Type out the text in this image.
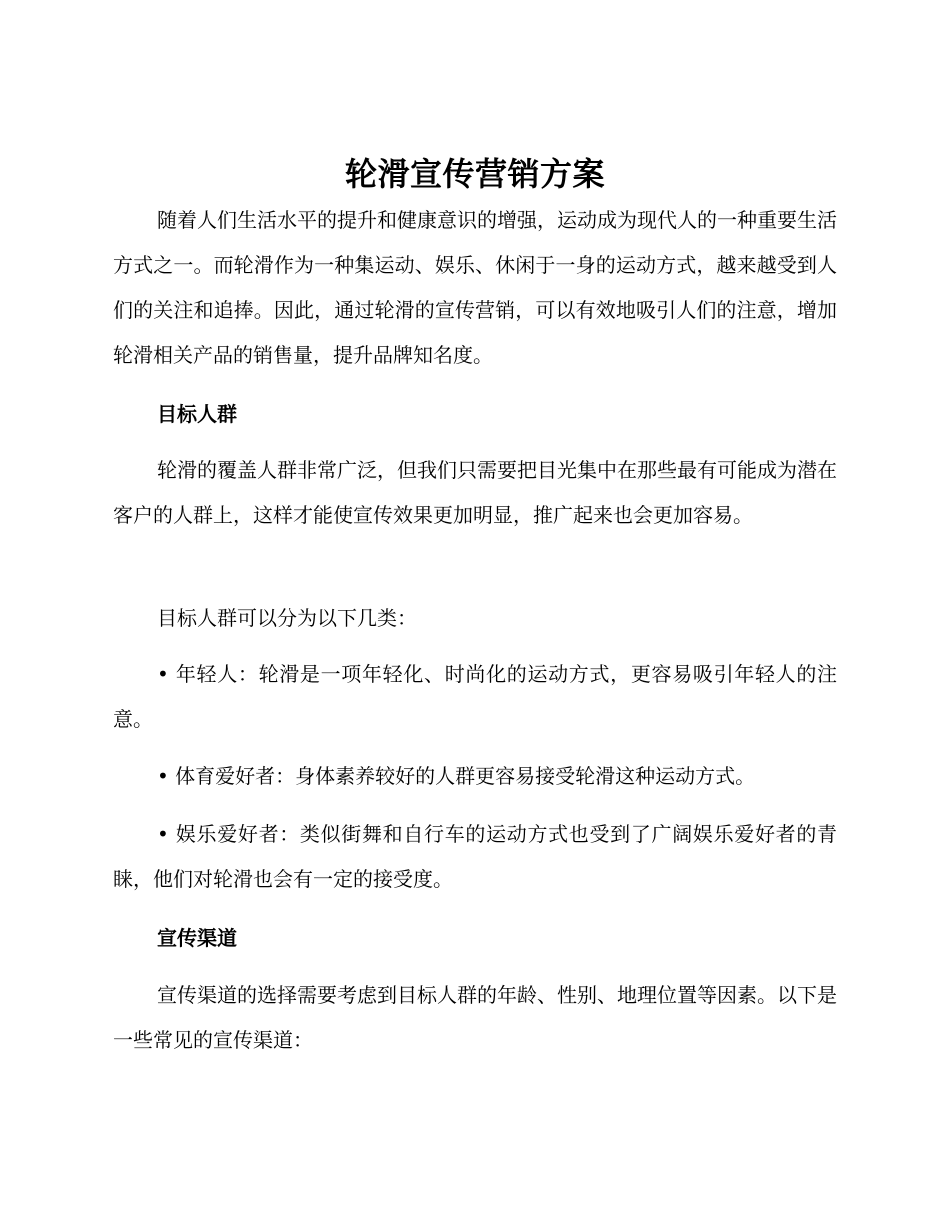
轮滑宣传营销方案

随着人们生活水平的提升和健康意识的增强，运动成为现代人的一种重要生活方式之一。而轮滑作为一种集运动、娱乐、休闲于一身的运动方式，越来越受到人们的关注和追捧。因此，通过轮滑的宣传营销，可以有效地吸引人们的注意，增加轮滑相关产品的销售量，提升品牌知名度。

目标人群

轮滑的覆盖人群非常广泛，但我们只需要把目光集中在那些最有可能成为潜在客户的人群上，这样才能使宣传效果更加明显，推广起来也会更加容易。

目标人群可以分为以下几类：

• 年轻人：轮滑是一项年轻化、时尚化的运动方式，更容易吸引年轻人的注意。

• 体育爱好者：身体素养较好的人群更容易接受轮滑这种运动方式。

• 娱乐爱好者：类似街舞和自行车的运动方式也受到了广阔娱乐爱好者的青睐，他们对轮滑也会有一定的接受度。

宣传渠道

宣传渠道的选择需要考虑到目标人群的年龄、性别、地理位置等因素。以下是一些常见的宣传渠道：
